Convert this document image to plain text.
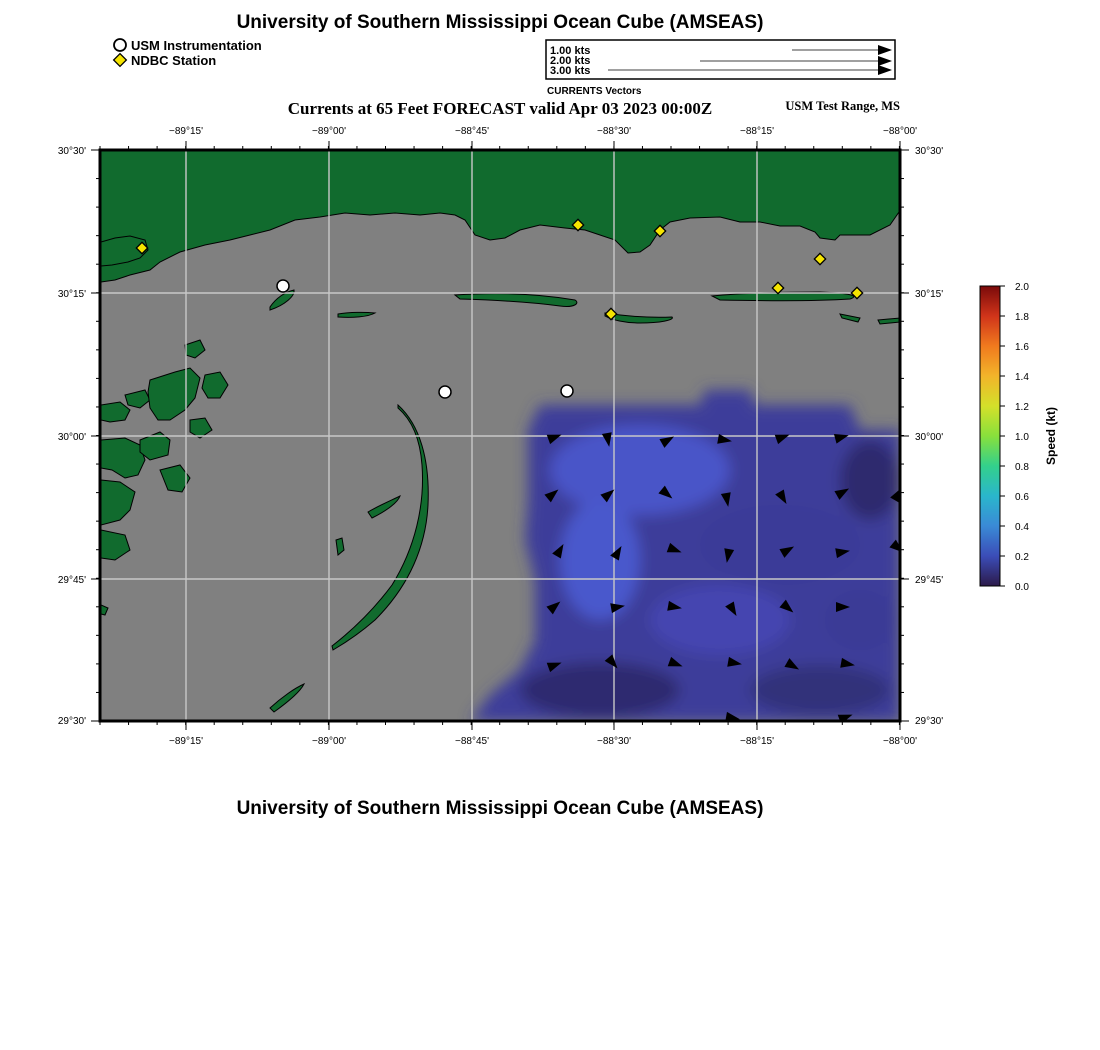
University of Southern Mississippi Ocean Cube (AMSEAS)
University of Southern Mississippi Ocean Cube (AMSEAS)
USM Instrumentation
NDBC Station
1.00 kts
2.00 kts
3.00 kts
CURRENTS Vectors
Currents at 65 Feet FORECAST valid Apr 03 2023 00:00Z	USM Test Range, MS
−89°15'	−89°00'	−88°45'	−88°30'	−88°15'	−88°00'
−89°15'	−89°00'	−88°45'	−88°30'	−88°15'	−88°00'
30°30'
30°15'
30°00'
29°45'
29°30'
30°30'
30°15'
30°00'
29°45'
29°30'
2.0
1.8
1.6
1.4
1.2
1.0
0.8
0.6
0.4
0.2
0.0
Speed (kt)
